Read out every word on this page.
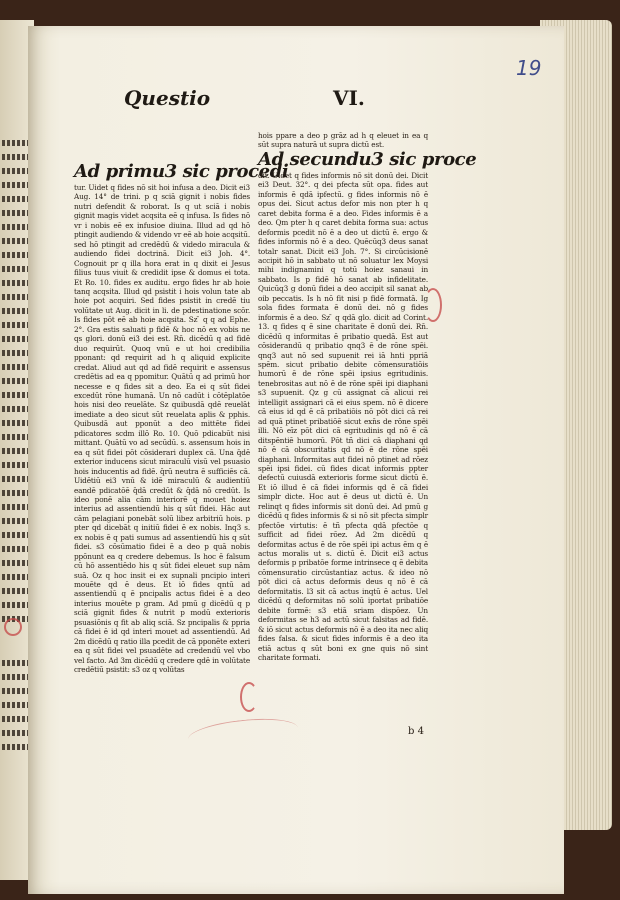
19
Questio	VI.
Ad primu3 sic procedi
tur. Uidet q fides nō sit hoi infusa a deo. Dicit ei3 Aug. 14° de trini. p q sciā gignit i nobis fides nutri defendit & roborat. Is q ut sciā i nobis gignit magis videt acqsita eē q infusa. Is fides nō vr i nobis eē ex infusioe diuina. Illud ad qd hō ptingit audiendo & videndo vr eē ab hoie acqsitū. sed hō ptingit ad credēdū & videdo miracula & audiendo fidei doctrinā. Dicit ei3 Joh. 4°. Cognouit pr q illa hora erat in q dixit ei Jesus filius tuus viuit & credidit ipse & domus ei tota. Et Ro. 10. fides ex auditu. ergo fides hr ab hoie tanq acqsita. Illud qd psistit i hois volun tate ab hoie pot acquiri. Sed fides psistit in credē tiu volūtate ut Aug. dicit in li. de pdestinatione scōr. Is fides pōt eē ab hoie acqsita. Sz ̄ q q ad Ephe. 2°. Gra estis saluati p fidē & hoc nō ex vobis ne qs glori. donū ei3 dei est. Rn̄. dicēdū q ad fidē duo requirūt. Quoq vnū e ut hoi credibilia pponant: qd requirit ad h q aliquid explicite credat. Aliud aut qd ad fidē requirit e assensus credētis ad ea q ppomitur. Quātū q ad primū hor necesse e q fides sit a deo. Ea ei q sūt fidei excedūt rōne humanā. Un nō cadūt i cōtēplatōe hois nisi deo reuelāte. Sz quibusdā qdē reuelāt imediate a deo sicut sūt reuelata aplis & pphis. Quibusdā aut pponūt a deo mittēte fidei pdicatores scdm illō Ro. 10. Quō pdicabūt nisi mittant. Quātū vo ad secūdū. s. assensum hois in ea q sūt fidei pōt cōsiderari duplex cā. Una q̄dē exterior inducens sicut miraculū visū vel psuasio hois inducentis ad fidē. q̄rū neutra ē sufficiēs cā. Uidētiū ei3 vnū & idē miraculū & audientiū eandē pdicatōē q̄dā credūt & q̄dā nō credūt. Is ideo ponē alia cām interiorē q mouet hoiez interius ad assentiendū his q sūt fidei. Hāc aut cām pelagiani ponebāt solū libez arbitriū hois. p pter qd dicebāt q initiū fidei ē ex nobis. Inq3 s. ex nobis ē q pati sumus ad assentiendū his q sūt fidei. s3 cōsūmatio fidei ē a deo p quā nobis ppōnunt ea q credere debemus. Is hoc ē falsum cū hō assentiēdo his q sūt fidei eleuet sup nām suā. Oz q hoc insit ei ex supnali pncipio interi mouēte qd ē deus. Et iō fides qntū ad assentiendū q ē pncipalis actus fidei ē a deo interius mouēte p gram. Ad pmū g dicēdū q p sciā gignit fides & nutrit p modū exterioris psuasiōnis q fit ab aliq sciā. Sz pncipalis & ppria cā fidei ē id qd interi mouet ad assentiendū. Ad 2m dicēdū q ratio illa pcedit de cā pponēte exteri ea q sūt fidei vel psuadēte ad credendū vel vbo vel facto. Ad 3m dicēdū q credere qdē in volūtate credētiū psistit: s3 oz q volūtas
hois ppare a deo p grāz ad h q eleuet in ea q sūt supra naturā ut supra dictū est.
Ad secundu3 sic proce
dit. Uidet q fides informis nō sit donū dei. Dicit ei3 Deut. 32°. q dei pfecta sūt opa. fides aut informis ē qdā ipfectū. g fides informis nō ē opus dei. Sicut actus defor mis non pter h q caret debita forma ē a deo. Fides informis ē a deo. Qm pter h q caret debita forma sua: actus deformis pcedit nō ē a deo ut dictū ē. ergo & fides informis nō ē a deo. Quēcūq3 deus sanat totalr sanat. Dicit ei3 Joh. 7°. Si circūcisionē accipit hō in sabbato ut nō soluatur lex Moysi mihi indignamini q totū hoiez sanaui in sabbato. Is p fidē hō sanat ab infidelitate. Quicūq3 g donū fidei a deo accipit sil sanat ab oib peccatis. Is h nō fit nisi p fidē formatā. Ig sola fides formata ē donū dei. nō g fides informis ē a deo. Sz ̄ q qdā glo. dicit ad Corint. 13. q fides q ē sine charitate ē donū dei. Rn̄. dicēdū q informitas ē pribatio quedā. Est aut cōsiderandū q pribatio qnq3 ē de rōne spēi. qnq3 aut nō sed supuenit rei iā hnti ppriā spēm. sicut pribatio debite cōmensuratiōis humorū ē de rōne spēi ipsius egritudinis. tenebrositas aut nō ē de rōne spēi ipi diaphani s3 supuenit. Qz g cū assignat cā alicui rei intelligit assignari cā ei eius spem. nō ē dicere cā eius id qd ē cā pribatiōis nō pōt dici cā rei ad quā ptinet pribatiōē sicut exn̄s de rōne spēi illi. Nō eīz pōt dici cā egritudinis qd nō ē cā ditspēntiē humorū. Pōt tñ dici cā diaphani qd nō ē cā obscuritatis qd nō ē de rōne spēi diaphani. Informitas aut fidei nō ptinet ad rōez spēi ipsi fidei. cū fides dicat informis ppter defectū cuiusdā exterioris forme sicut dictū ē. Et iō illud ē cā fidei informis qd ē cā fidei simplr dicte. Hoc aut ē deus ut dictū ē. Un relinqt q fides informis sit donū dei. Ad pmū g dicēdū q fides informis & si nō sit pfecta simplr pfectōe virtutis: ē tñ pfecta qdā pfectōe q sufficit ad fidei rōez. Ad 2m dicēdū q deformitas actus ē de rōe spēi ipi actus ēm q ē actus moralis ut s. dictū ē. Dicit ei3 actus deformis p pribatōe forme intrinsece q ē debita cōmensuratio circūstantiaz actus. & ideo nō pōt dici cā actus deformis deus q nō ē cā deformitatis. l3 sit cā actus inqtū ē actus. Uel dicēdū q deformitas nō solū iportat pribatiōe debite formē: s3 etiā sriam dispōez. Un deformitas se h3 ad actū sicut falsitas ad fidē. & iō sicut actus deformis nō ē a deo ita nec aliq fides falsa. & sicut fides informis ē a deo ita etiā actus q sūt boni ex gne quis nō sint charitate formati.
b 4
